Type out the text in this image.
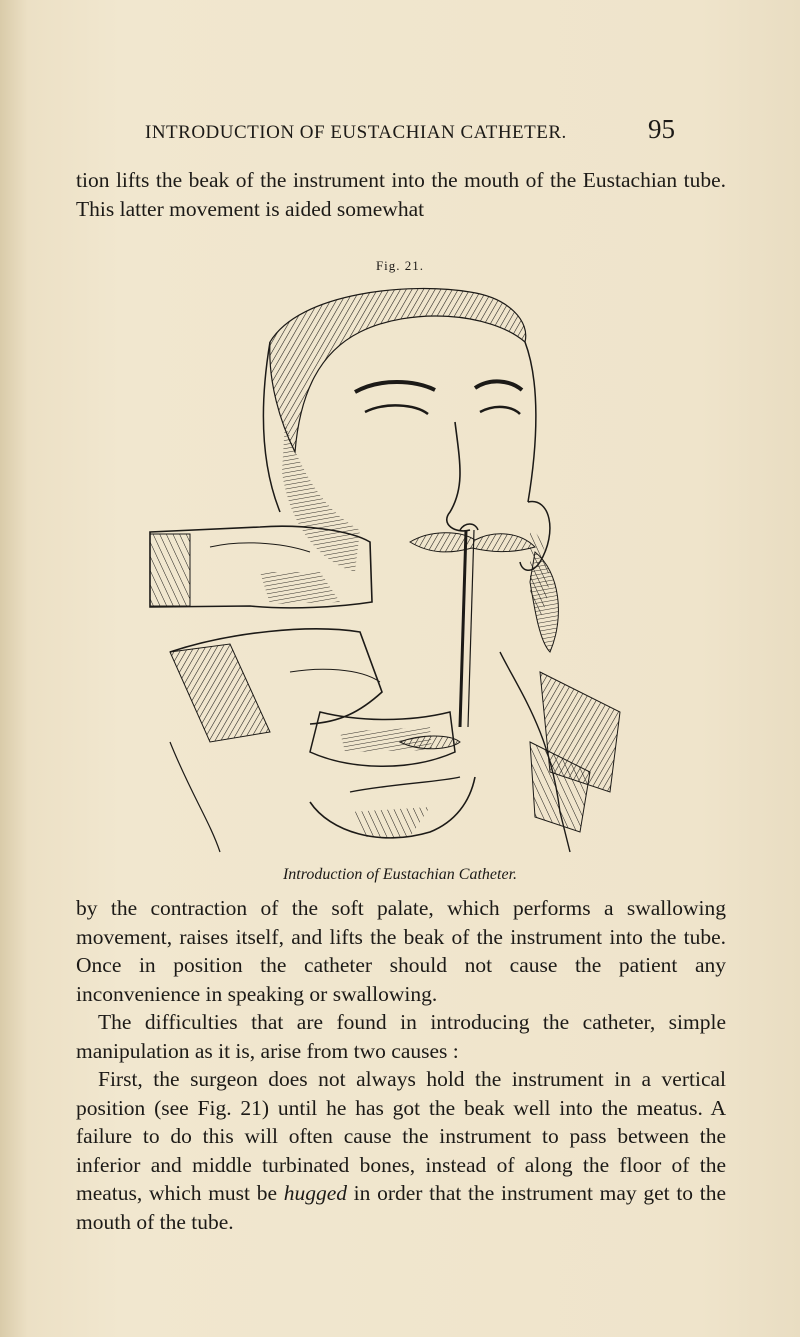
INTRODUCTION OF EUSTACHIAN CATHETER.	95
tion lifts the beak of the instrument into the mouth of the Eustachian tube. This latter movement is aided somewhat
Fig. 21.
Introduction of Eustachian Catheter.
by the contraction of the soft palate, which performs a swallowing movement, raises itself, and lifts the beak of the instrument into the tube. Once in position the catheter should not cause the patient any inconvenience in speaking or swallowing.
The difficulties that are found in introducing the catheter, simple manipulation as it is, arise from two causes :
First, the surgeon does not always hold the instrument in a vertical position (see Fig. 21) until he has got the beak well into the meatus. A failure to do this will often cause the instrument to pass between the inferior and middle turbinated bones, instead of along the floor of the meatus, which must be hugged in order that the instrument may get to the mouth of the tube.
